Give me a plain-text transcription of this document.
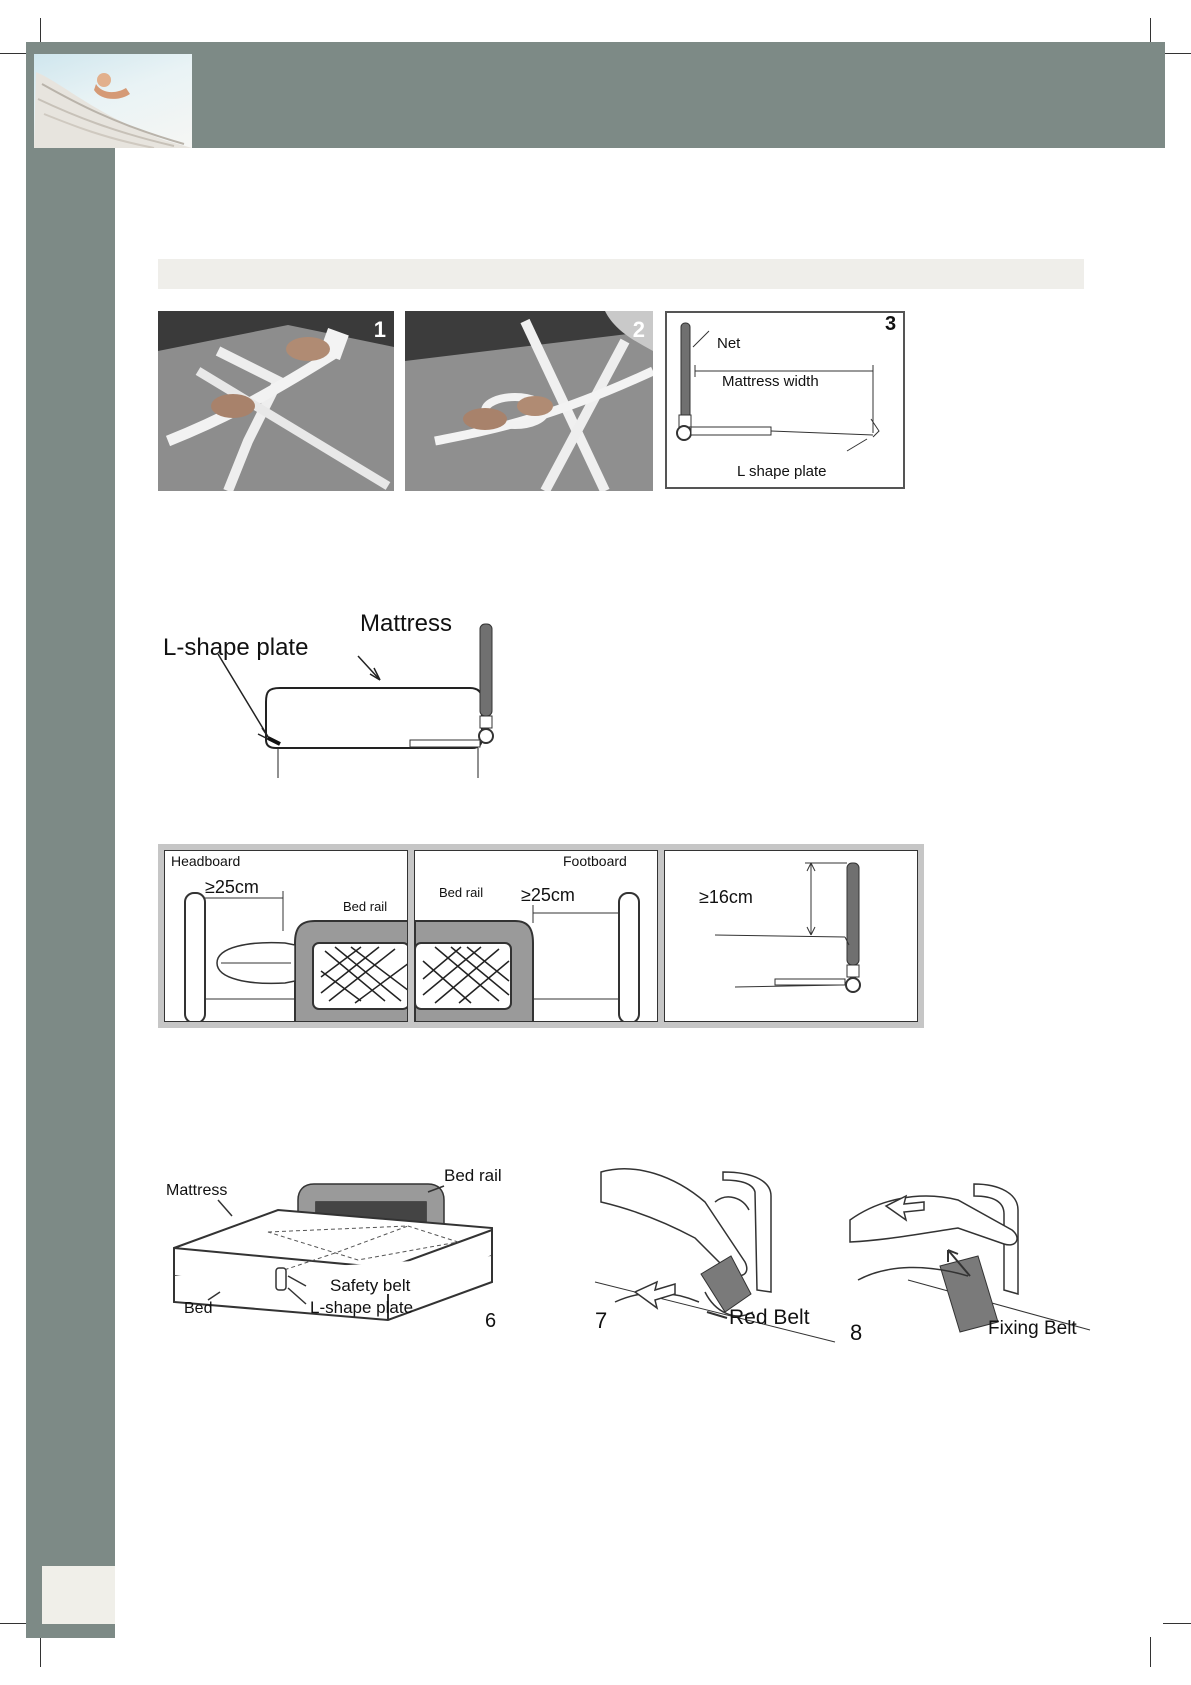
1	2	3
Net
Mattress width
L shape plate
Mattress
L-shape plate
Headboard
≥25cm
Bed rail
Footboard
Bed rail ≥25cm	≥16cm
Mattress
Bed rail
Safety belt
Bed	L-shape plate
6	7	Red Belt
8	Fixing Belt
